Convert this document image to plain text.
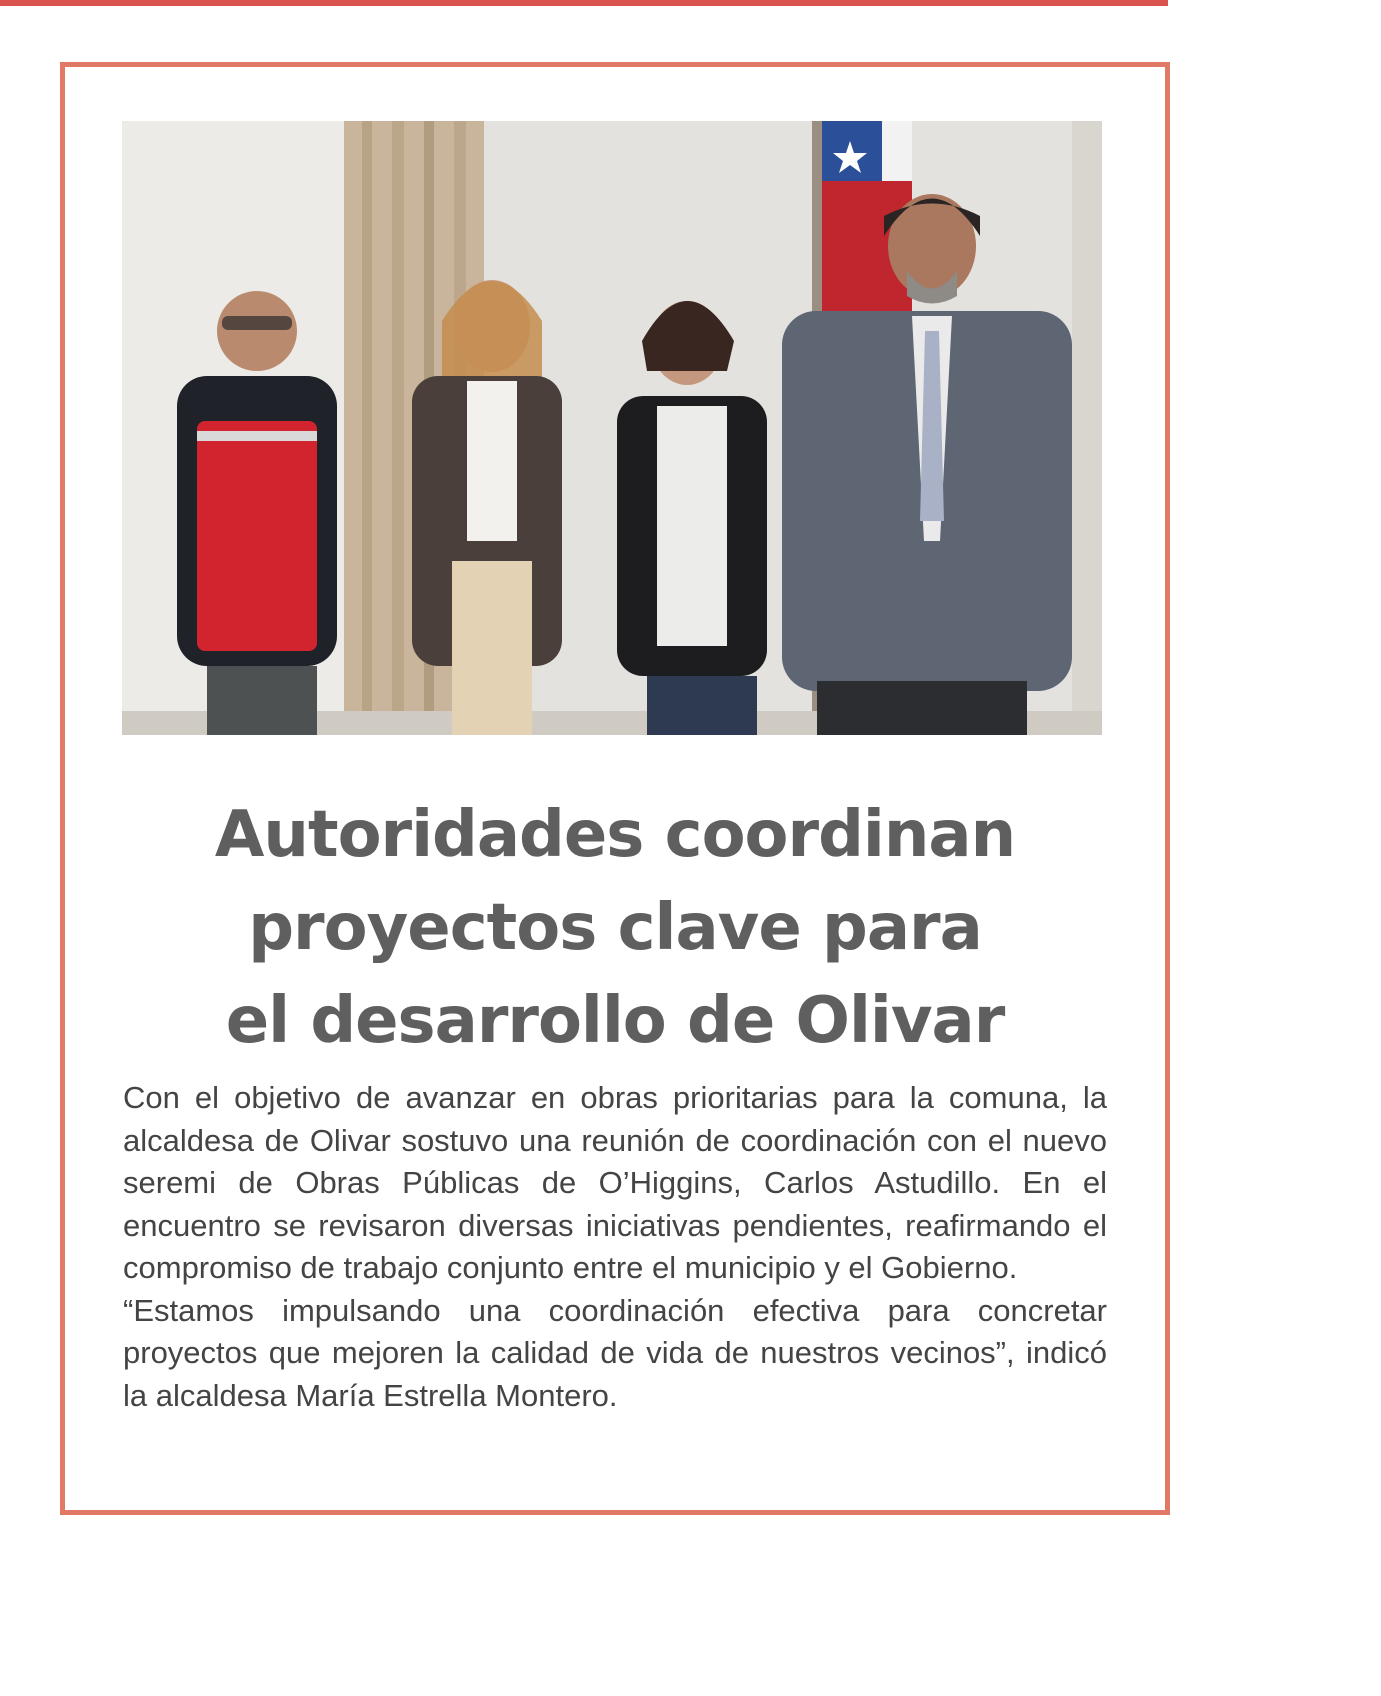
Autoridades coordinan
proyectos clave para
el desarrollo de Olivar

Con el objetivo de avanzar en obras prioritarias para la comuna, la alcaldesa de Olivar sostuvo una reunión de coordinación con el nuevo seremi de Obras Públicas de O’Higgins, Carlos Astudillo. En el encuentro se revisaron diversas iniciativas pendientes, reafirmando el compromiso de trabajo conjunto entre el municipio y el Gobierno.

“Estamos impulsando una coordinación efectiva para concretar proyectos que mejoren la calidad de vida de nuestros vecinos”, indicó la alcaldesa María Estrella Montero.
